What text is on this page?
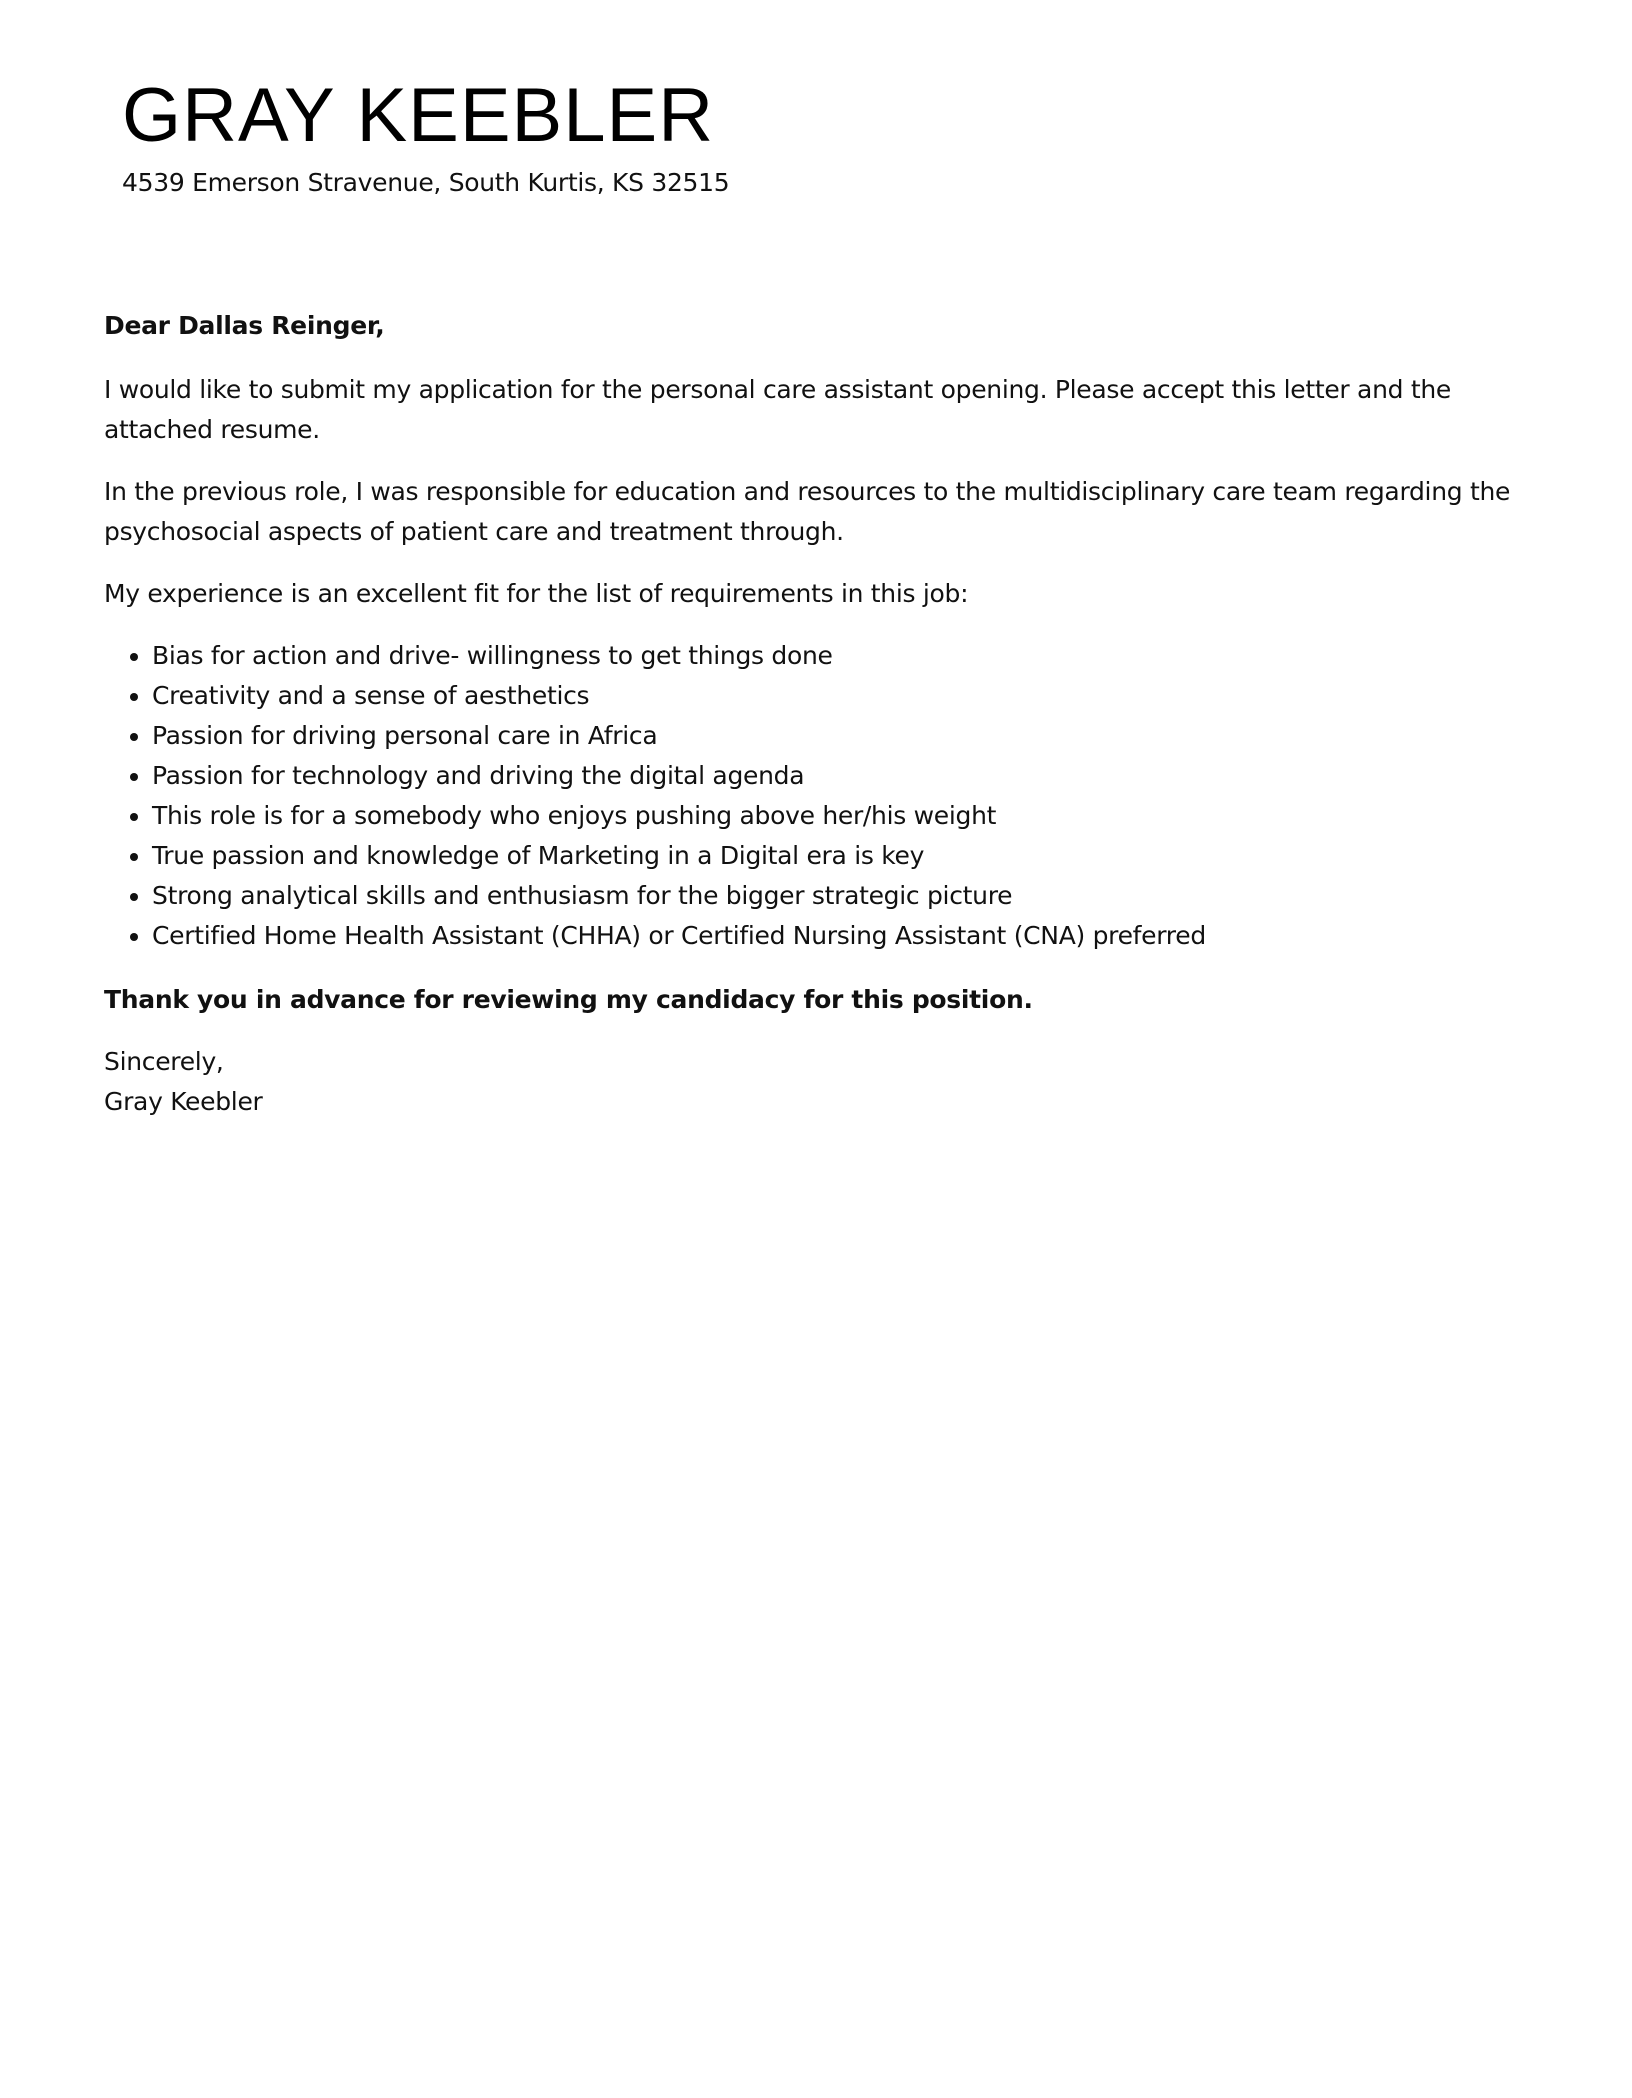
GRAY KEEBLER
4539 Emerson Stravenue, South Kurtis, KS 32515

Dear Dallas Reinger,

I would like to submit my application for the personal care assistant opening. Please accept this letter and the attached resume.

In the previous role, I was responsible for education and resources to the multidisciplinary care team regarding the psychosocial aspects of patient care and treatment through.

My experience is an excellent fit for the list of requirements in this job:

• Bias for action and drive- willingness to get things done
• Creativity and a sense of aesthetics
• Passion for driving personal care in Africa
• Passion for technology and driving the digital agenda
• This role is for a somebody who enjoys pushing above her/his weight
• True passion and knowledge of Marketing in a Digital era is key
• Strong analytical skills and enthusiasm for the bigger strategic picture
• Certified Home Health Assistant (CHHA) or Certified Nursing Assistant (CNA) preferred

Thank you in advance for reviewing my candidacy for this position.

Sincerely,

Gray Keebler
